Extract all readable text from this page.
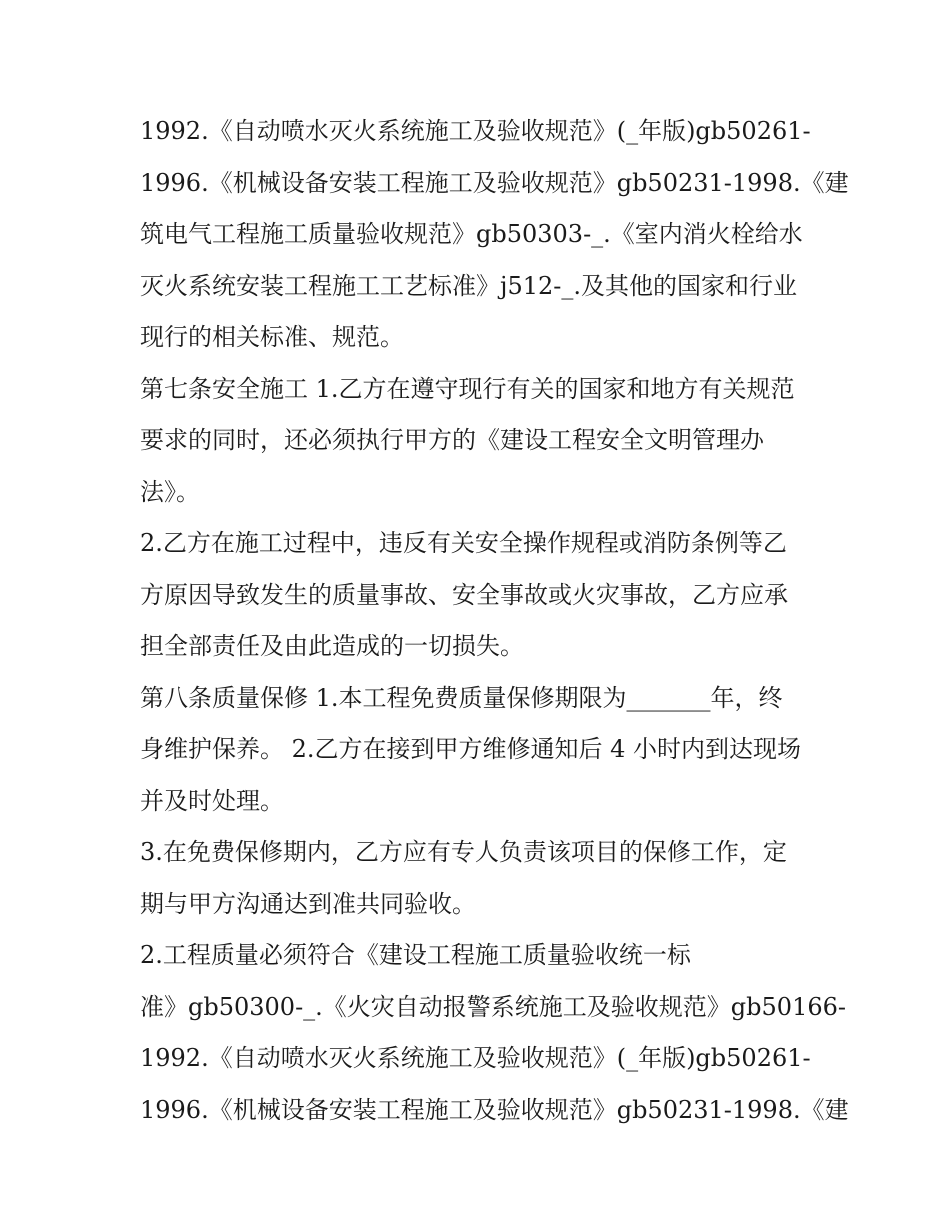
1992.《自动喷水灭火系统施工及验收规范》(_年版)gb50261-
1996.《机械设备安装工程施工及验收规范》gb50231-1998.《建
筑电气工程施工质量验收规范》gb50303-_.《室内消火栓给水
灭火系统安装工程施工工艺标准》j512-_.及其他的国家和行业
现行的相关标准、规范。
第七条安全施工 1.乙方在遵守现行有关的国家和地方有关规范
要求的同时，还必须执行甲方的《建设工程安全文明管理办
法》。
2.乙方在施工过程中，违反有关安全操作规程或消防条例等乙
方原因导致发生的质量事故、安全事故或火灾事故，乙方应承
担全部责任及由此造成的一切损失。
第八条质量保修 1.本工程免费质量保修期限为_______年，终
身维护保养。 2.乙方在接到甲方维修通知后 4 小时内到达现场
并及时处理。
3.在免费保修期内，乙方应有专人负责该项目的保修工作，定
期与甲方沟通达到准共同验收。
2.工程质量必须符合《建设工程施工质量验收统一标
准》gb50300-_.《火灾自动报警系统施工及验收规范》gb50166-
1992.《自动喷水灭火系统施工及验收规范》(_年版)gb50261-
1996.《机械设备安装工程施工及验收规范》gb50231-1998.《建
